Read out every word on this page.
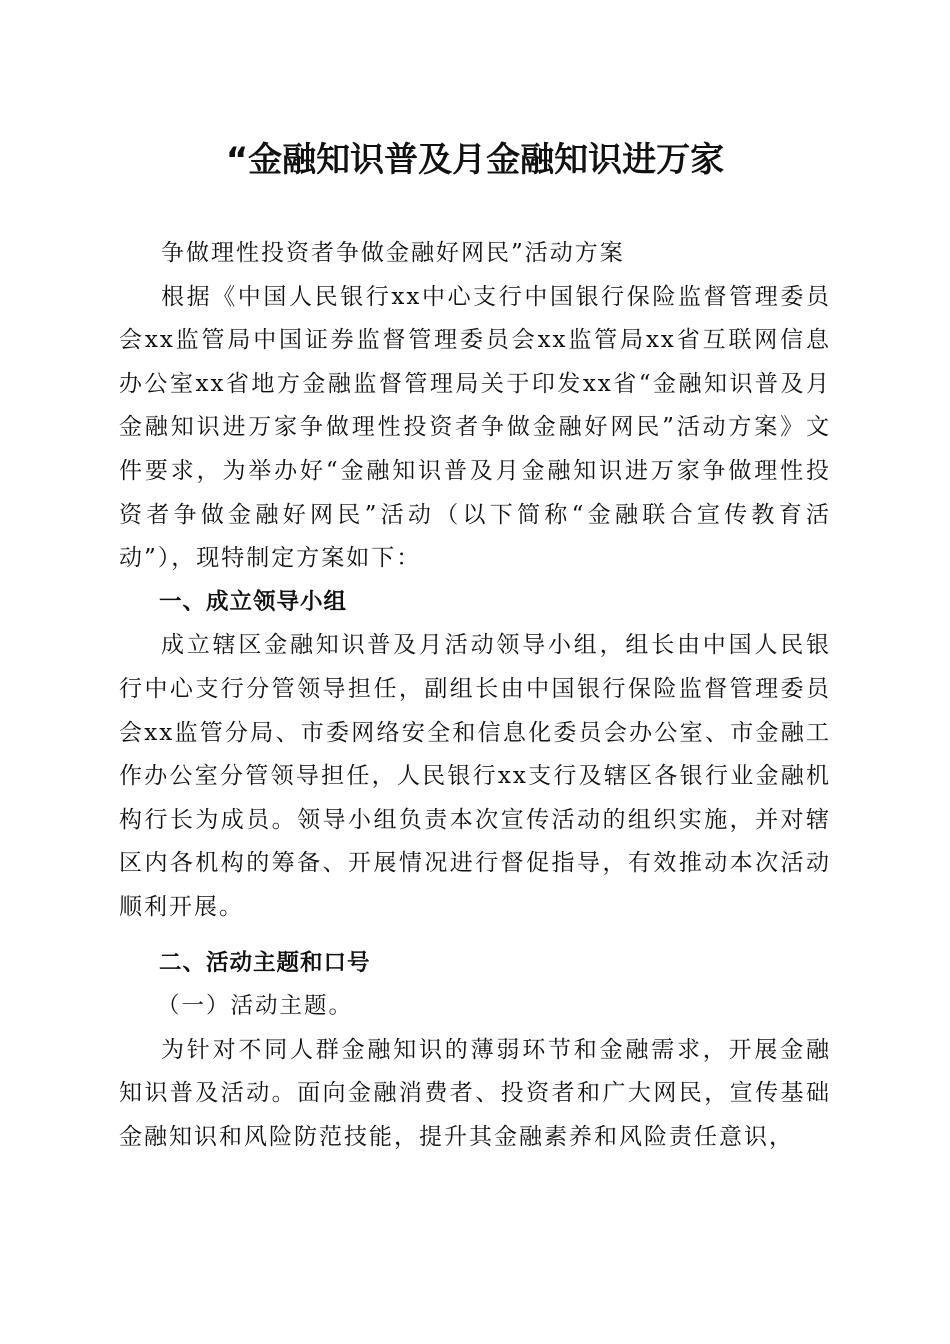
“金融知识普及月金融知识进万家

争做理性投资者争做金融好网民”活动方案

根据《中国人民银行xx中心支行中国银行保险监督管理委员会xx监管局中国证券监督管理委员会xx监管局xx省互联网信息办公室xx省地方金融监督管理局关于印发xx省“金融知识普及月金融知识进万家争做理性投资者争做金融好网民”活动方案》文件要求，为举办好“金融知识普及月金融知识进万家争做理性投资者争做金融好网民”活动（以下简称“金融联合宣传教育活动”），现特制定方案如下：

一、成立领导小组

成立辖区金融知识普及月活动领导小组，组长由中国人民银行中心支行分管领导担任，副组长由中国银行保险监督管理委员会xx监管分局、市委网络安全和信息化委员会办公室、市金融工作办公室分管领导担任，人民银行xx支行及辖区各银行业金融机构行长为成员。领导小组负责本次宣传活动的组织实施，并对辖区内各机构的筹备、开展情况进行督促指导，有效推动本次活动顺利开展。

二、活动主题和口号

（一）活动主题。

为针对不同人群金融知识的薄弱环节和金融需求，开展金融知识普及活动。面向金融消费者、投资者和广大网民，宣传基础金融知识和风险防范技能，提升其金融素养和风险责任意识，
